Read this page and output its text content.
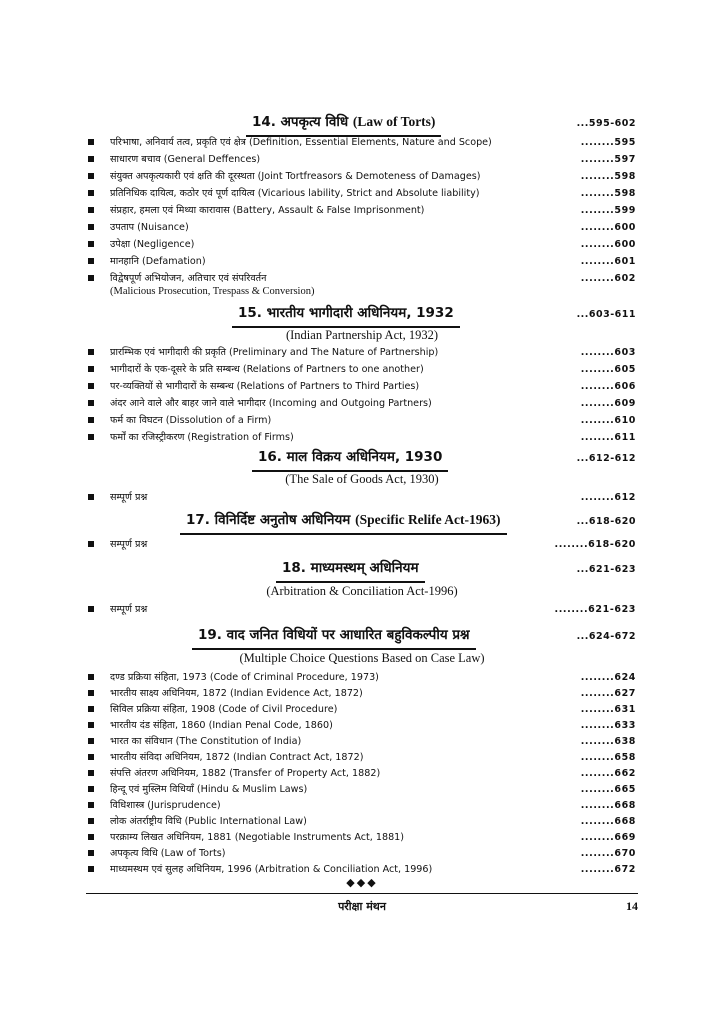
14. अपकृत्य विधि (Law of Torts)	...595-602
परिभाषा, अनिवार्य तत्व, प्रकृति एवं क्षेत्र (Definition, Essential Elements, Nature and Scope)	........595
साधारण बचाव (General Deffences)	........597
संयुक्त अपकृत्यकारी एवं क्षति की दूरस्थता (Joint Tortfreasors & Demoteness of Damages)	........598
प्रतिनिधिक दायित्व, कठोर एवं पूर्ण दायित्व (Vicarious lability, Strict and Absolute liability)	........598
संप्रहार, हमला एवं मिथ्या कारावास (Battery, Assault & False Imprisonment)	........599
उपताप (Nuisance)	........600
उपेक्षा (Negligence)	........600
मानहानि (Defamation)	........601
विद्वेषपूर्ण अभियोजन, अतिचार एवं संपरिवर्तन	........602
(Malicious Prosecution, Trespass & Conversion)
15. भारतीय भागीदारी अधिनियम, 1932	...603-611
(Indian Partnership Act, 1932)
प्रारम्भिक एवं भागीदारी की प्रकृति (Preliminary and The Nature of Partnership)	........603
भागीदारों के एक-दूसरे के प्रति सम्बन्ध (Relations of Partners to one another)	........605
पर-व्यक्तियों से भागीदारों के सम्बन्ध (Relations of Partners to Third Parties)	........606
अंदर आने वाले और बाहर जाने वाले भागीदार (Incoming and Outgoing Partners)	........609
फर्म का विघटन (Dissolution of a Firm)	........610
फर्मों का रजिस्ट्रीकरण (Registration of Firms)	........611
16. माल विक्रय अधिनियम, 1930	...612-612
(The Sale of Goods Act, 1930)
सम्पूर्ण प्रश्न	........612
17. विनिर्दिष्ट अनुतोष अधिनियम (Specific Relife Act-1963)	...618-620
सम्पूर्ण प्रश्न	........618-620
18. माध्यमस्थम् अधिनियम	...621-623
(Arbitration & Conciliation Act-1996)
सम्पूर्ण प्रश्न	........621-623
19. वाद जनित विधियों पर आधारित बहुविकल्पीय प्रश्न	...624-672
(Multiple Choice Questions Based on Case Law)
दण्ड प्रक्रिया संहिता, 1973 (Code of Criminal Procedure, 1973)	........624
भारतीय साक्ष्य अधिनियम, 1872 (Indian Evidence Act, 1872)	........627
सिविल प्रक्रिया संहिता, 1908 (Code of Civil Procedure)	........631
भारतीय दंड संहिता, 1860 (Indian Penal Code, 1860)	........633
भारत का संविधान (The Constitution of India)	........638
भारतीय संविदा अधिनियम, 1872 (Indian Contract Act, 1872)	........658
संपत्ति अंतरण अधिनियम, 1882 (Transfer of Property Act, 1882)	........662
हिन्दू एवं मुस्लिम विधियाँ (Hindu & Muslim Laws)	........665
विधिशास्त्र (Jurisprudence)	........668
लोक अंतर्राष्ट्रीय विधि (Public International Law)	........668
परक्राम्य लिखत अधिनियम, 1881 (Negotiable Instruments Act, 1881)	........669
अपकृत्य विधि (Law of Torts)	........670
माध्यमस्थम एवं सुलह अधिनियम, 1996 (Arbitration & Conciliation Act, 1996)	........672
◆◆◆
परीक्षा मंथन	14
